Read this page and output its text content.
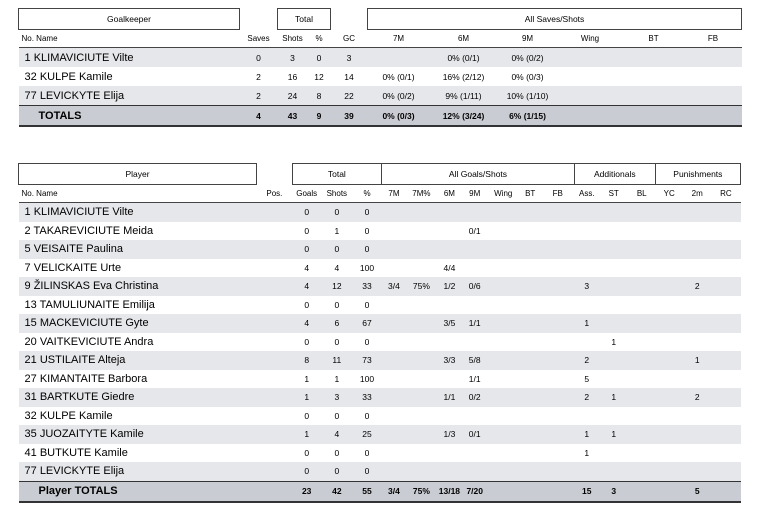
Goalkeeper		Total			All Saves/Shots					
No. Name	Saves	Shots	%	GC	7M	6M	9M	Wing	BT	FB
1 KLIMAVICIUTE Vilte	0	3	0	3		0% (0/1)	0% (0/2)			
32 KULPE Kamile	2	16	12	14	0% (0/1)	16% (2/12)	0% (0/3)			
77 LEVICKYTE Elija	2	24	8	22	0% (0/2)	9% (1/11)	10% (1/10)			
TOTALS	4	43	9	39	0% (0/3)	12% (3/24)	6% (1/15)			
Player		Total			All Goals/Shots							Additionals			Punishments		
No. Name	Pos.	Goals	Shots	%	7M	7M%	6M	9M	Wing	BT	FB	Ass.	ST	BL	YC	2m	RC
1 KLIMAVICIUTE Vilte		0	0	0													
2 TAKAREVICIUTE Meida		0	1	0				0/1									
5 VEISAITE Paulina		0	0	0													
7 VELICKAITE Urte		4	4	100			4/4										
9 ŽILINSKAS Eva Christina		4	12	33	3/4	75%	1/2	0/6				3				2	
13 TAMULIUNAITE Emilija		0	0	0													
15 MACKEVICIUTE Gyte		4	6	67			3/5	1/1				1					
20 VAITKEVICIUTE Andra		0	0	0									1				
21 USTILAITE Alteja		8	11	73			3/3	5/8				2				1	
27 KIMANTAITE Barbora		1	1	100				1/1				5					
31 BARTKUTE Giedre		1	3	33			1/1	0/2				2	1			2	
32 KULPE Kamile		0	0	0													
35 JUOZAITYTE Kamile		1	4	25			1/3	0/1				1	1				
41 BUTKUTE Kamile		0	0	0								1					
77 LEVICKYTE Elija		0	0	0													
Player TOTALS		23	42	55	3/4	75%	13/18	7/20				15	3			5	
